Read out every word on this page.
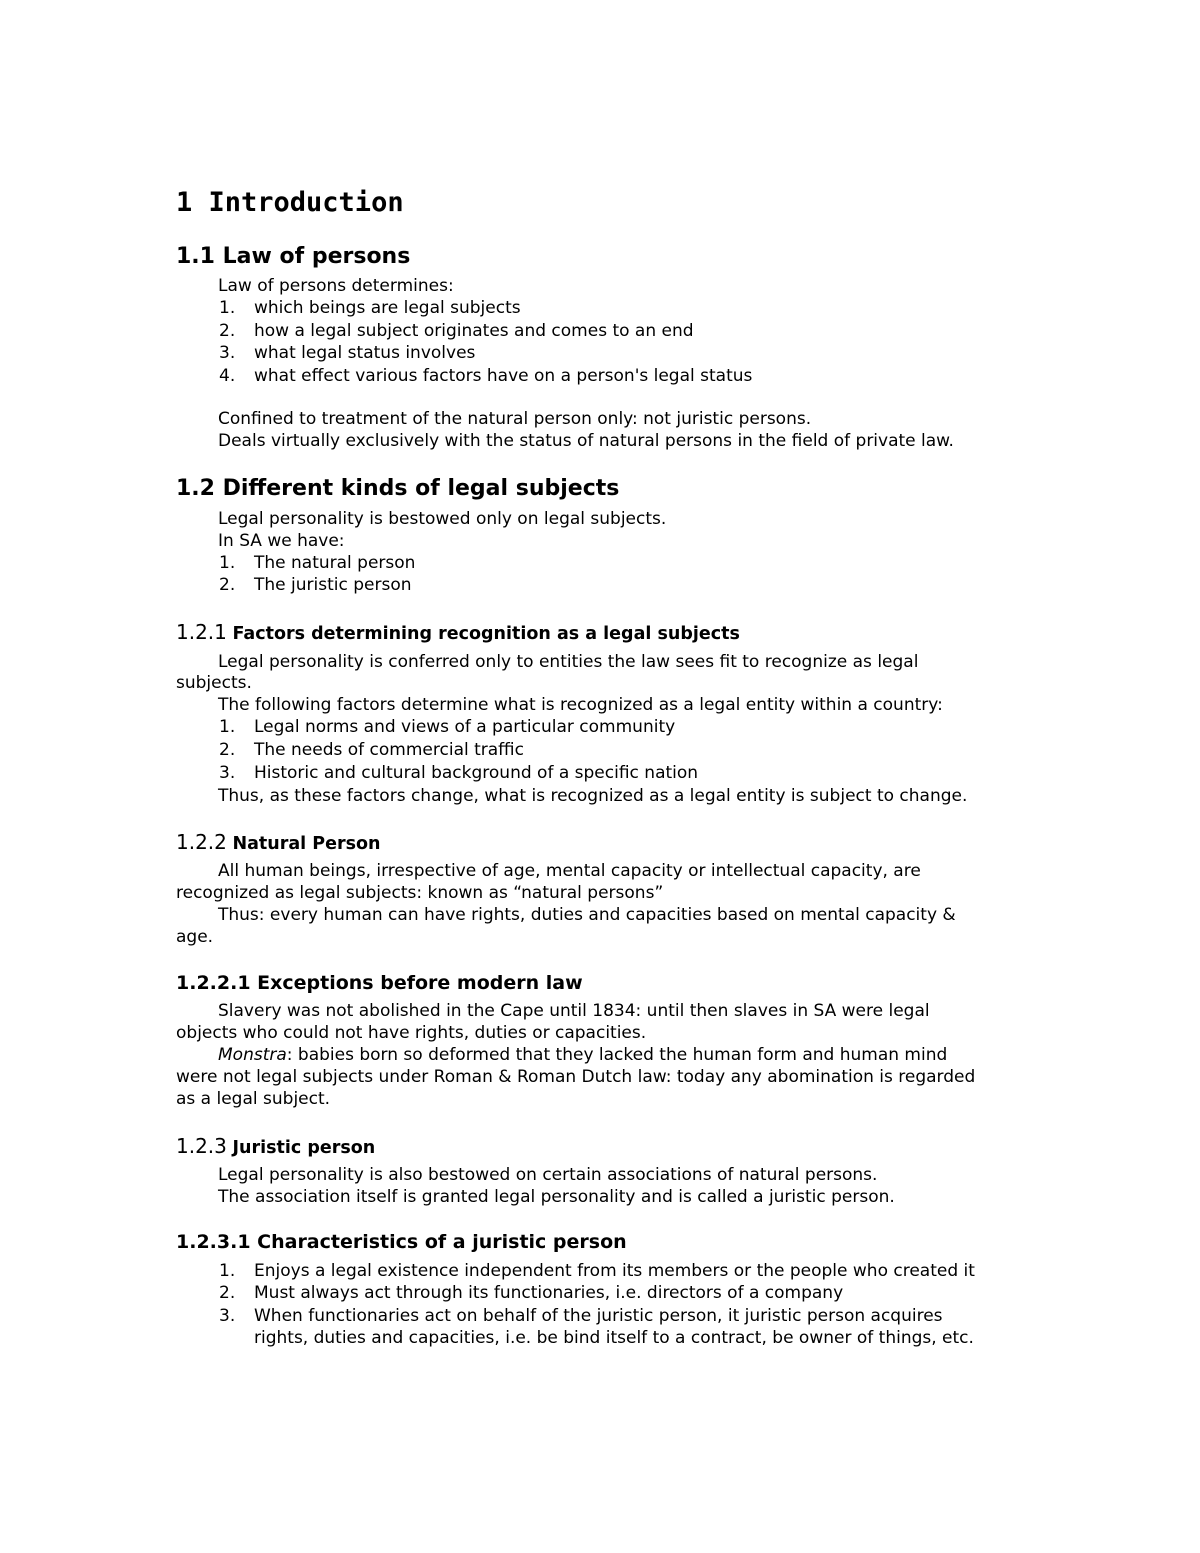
1 Introduction
1.1 Law of persons
Law of persons determines:
1. which beings are legal subjects
2. how a legal subject originates and comes to an end
3. what legal status involves
4. what effect various factors have on a person's legal status
Confined to treatment of the natural person only: not juristic persons.
Deals virtually exclusively with the status of natural persons in the field of private law.
1.2 Different kinds of legal subjects
Legal personality is bestowed only on legal subjects.
In SA we have:
1. The natural person
2. The juristic person
1.2.1 Factors determining recognition as a legal subjects
Legal personality is conferred only to entities the law sees fit to recognize as legal
subjects.
The following factors determine what is recognized as a legal entity within a country:
1. Legal norms and views of a particular community
2. The needs of commercial traffic
3. Historic and cultural background of a specific nation
Thus, as these factors change, what is recognized as a legal entity is subject to change.
1.2.2 Natural Person
All human beings, irrespective of age, mental capacity or intellectual capacity, are
recognized as legal subjects: known as “natural persons”
Thus: every human can have rights, duties and capacities based on mental capacity &
age.
1.2.2.1 Exceptions before modern law
Slavery was not abolished in the Cape until 1834: until then slaves in SA were legal
objects who could not have rights, duties or capacities.
Monstra: babies born so deformed that they lacked the human form and human mind
were not legal subjects under Roman & Roman Dutch law: today any abomination is regarded
as a legal subject.
1.2.3 Juristic person
Legal personality is also bestowed on certain associations of natural persons.
The association itself is granted legal personality and is called a juristic person.
1.2.3.1 Characteristics of a juristic person
1. Enjoys a legal existence independent from its members or the people who created it
2. Must always act through its functionaries, i.e. directors of a company
3. When functionaries act on behalf of the juristic person, it juristic person acquires
rights, duties and capacities, i.e. be bind itself to a contract, be owner of things, etc.
